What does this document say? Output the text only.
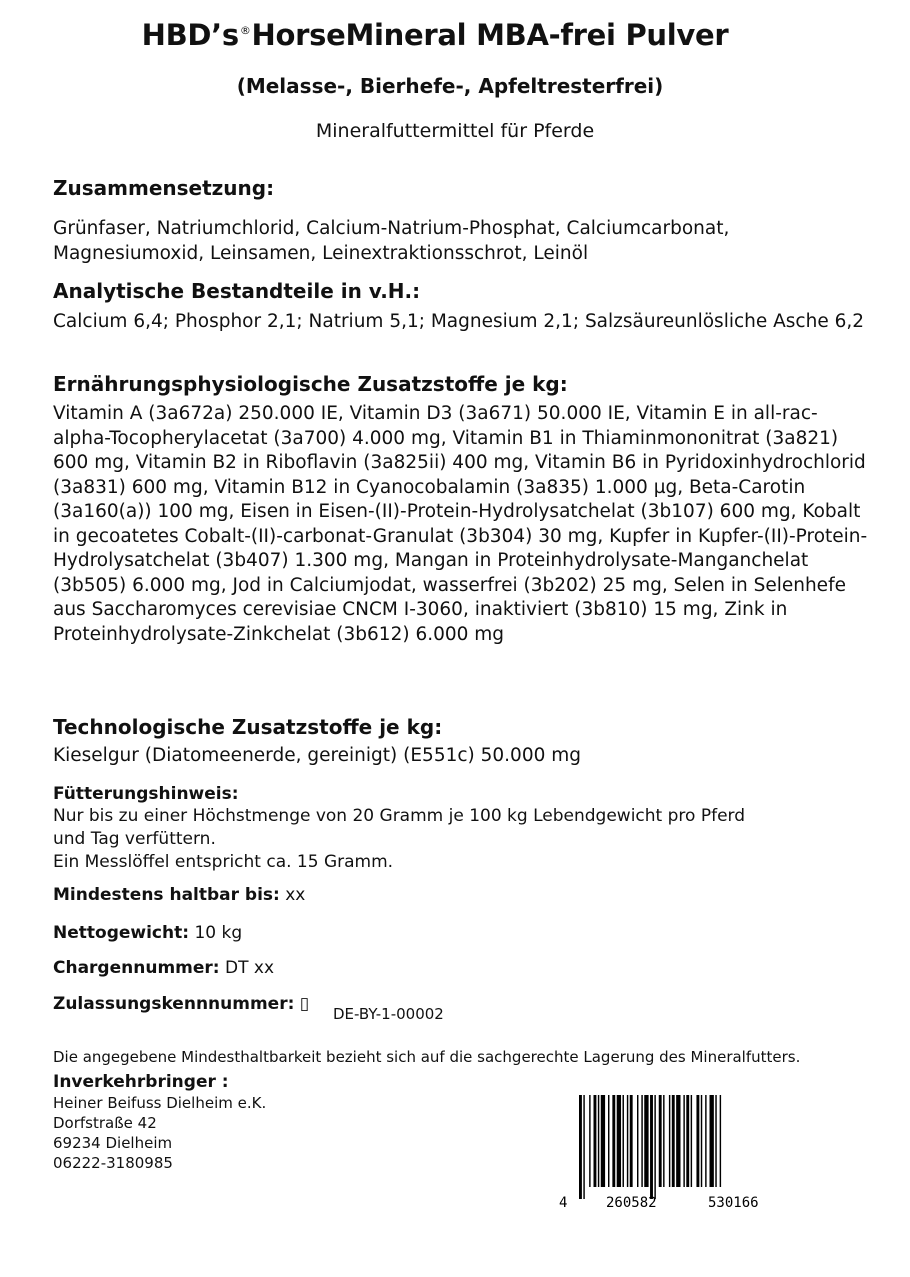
HBD’s®HorseMineral MBA-frei Pulver
(Melasse-, Bierhefe-, Apfeltresterfrei)
Mineralfuttermittel für Pferde
Zusammensetzung:
Grünfaser, Natriumchlorid, Calcium-Natrium-Phosphat, Calciumcarbonat, Magnesiumoxid, Leinsamen, Leinextraktionsschrot, Leinöl
Analytische Bestandteile in v.H.:
Calcium 6,4; Phosphor 2,1; Natrium 5,1; Magnesium 2,1; Salzsäureunlösliche Asche 6,2
Ernährungsphysiologische Zusatzstoffe je kg:
Vitamin A (3a672a) 250.000 IE, Vitamin D3 (3a671) 50.000 IE, Vitamin E in all-rac-alpha-Tocopherylacetat (3a700) 4.000 mg, Vitamin B1 in Thiaminmononitrat (3a821) 600 mg, Vitamin B2 in Riboflavin (3a825ii) 400 mg, Vitamin B6 in Pyridoxinhydrochlorid (3a831) 600 mg, Vitamin B12 in Cyanocobalamin (3a835) 1.000 µg, Beta-Carotin (3a160(a)) 100 mg, Eisen in Eisen-(II)-Protein-Hydrolysatchelat (3b107) 600 mg, Kobalt in gecoatetes Cobalt-(II)-carbonat-Granulat (3b304) 30 mg, Kupfer in Kupfer-(II)-Protein-Hydrolysatchelat (3b407) 1.300 mg, Mangan in Proteinhydrolysate-Manganchelat (3b505) 6.000 mg, Jod in Calciumjodat, wasserfrei (3b202) 25 mg, Selen in Selenhefe aus Saccharomyces cerevisiae CNCM I-3060, inaktiviert (3b810) 15 mg, Zink in Proteinhydrolysate-Zinkchelat (3b612) 6.000 mg
Technologische Zusatzstoffe je kg:
Kieselgur (Diatomeenerde, gereinigt) (E551c) 50.000 mg
Fütterungshinweis:
Nur bis zu einer Höchstmenge von 20 Gramm je 100 kg Lebendgewicht pro Pferd
und Tag verfüttern.
Ein Messlöffel entspricht ca. 15 Gramm.
Mindestens haltbar bis: xx
Nettogewicht: 10 kg
Chargennummer: DT xx
Zulassungskennnummer: ▯ DE-BY-1-00002
Die angegebene Mindesthaltbarkeit bezieht sich auf die sachgerechte Lagerung des Mineralfutters.
Inverkehrbringer :
Heiner Beifuss Dielheim e.K.
Dorfstraße 42
69234 Dielheim
06222-3180985
4	260582	530166
